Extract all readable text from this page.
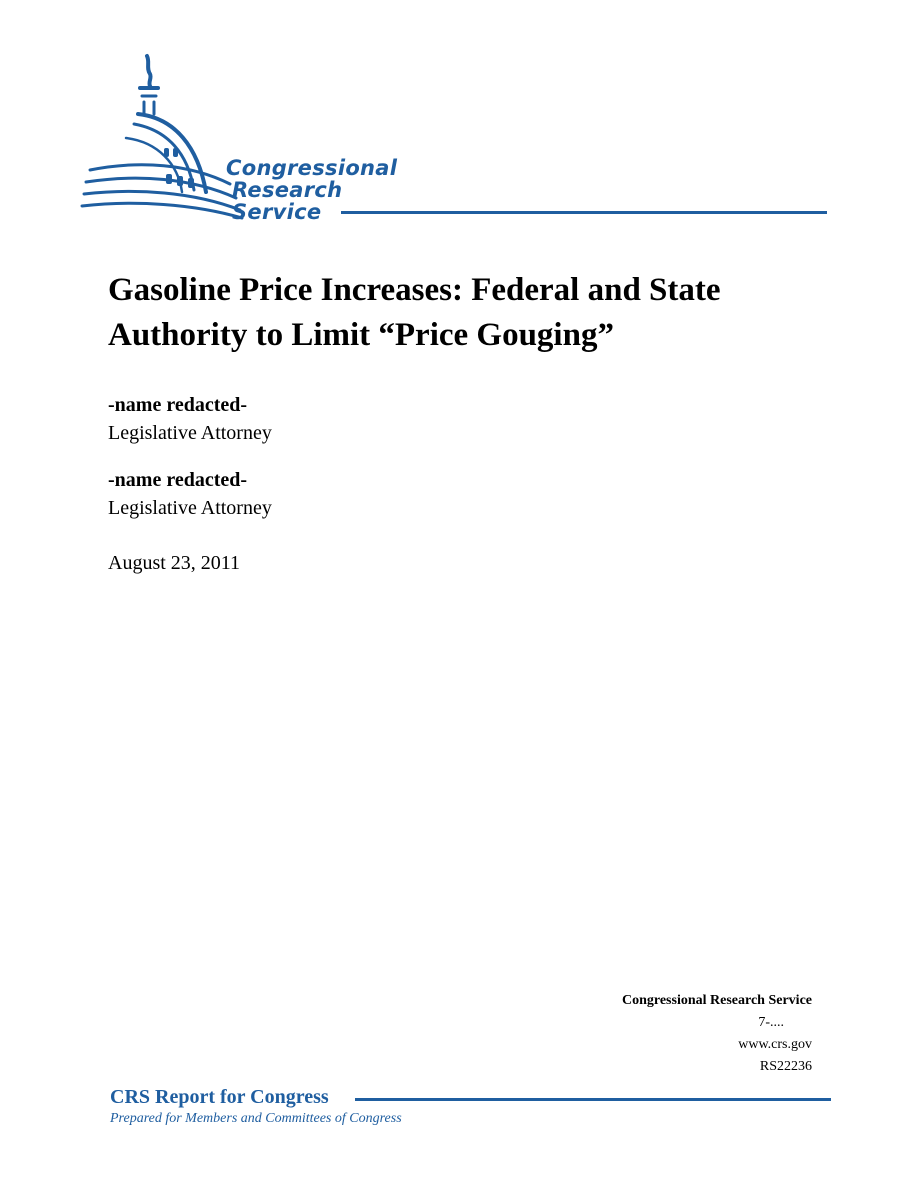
Congressional
Research
Service
Gasoline Price Increases: Federal and State Authority to Limit “Price Gouging”
-name redacted-
Legislative Attorney
-name redacted-
Legislative Attorney
August 23, 2011
Congressional Research Service
7-....
www.crs.gov
RS22236
CRS Report for Congress
Prepared for Members and Committees of Congress
